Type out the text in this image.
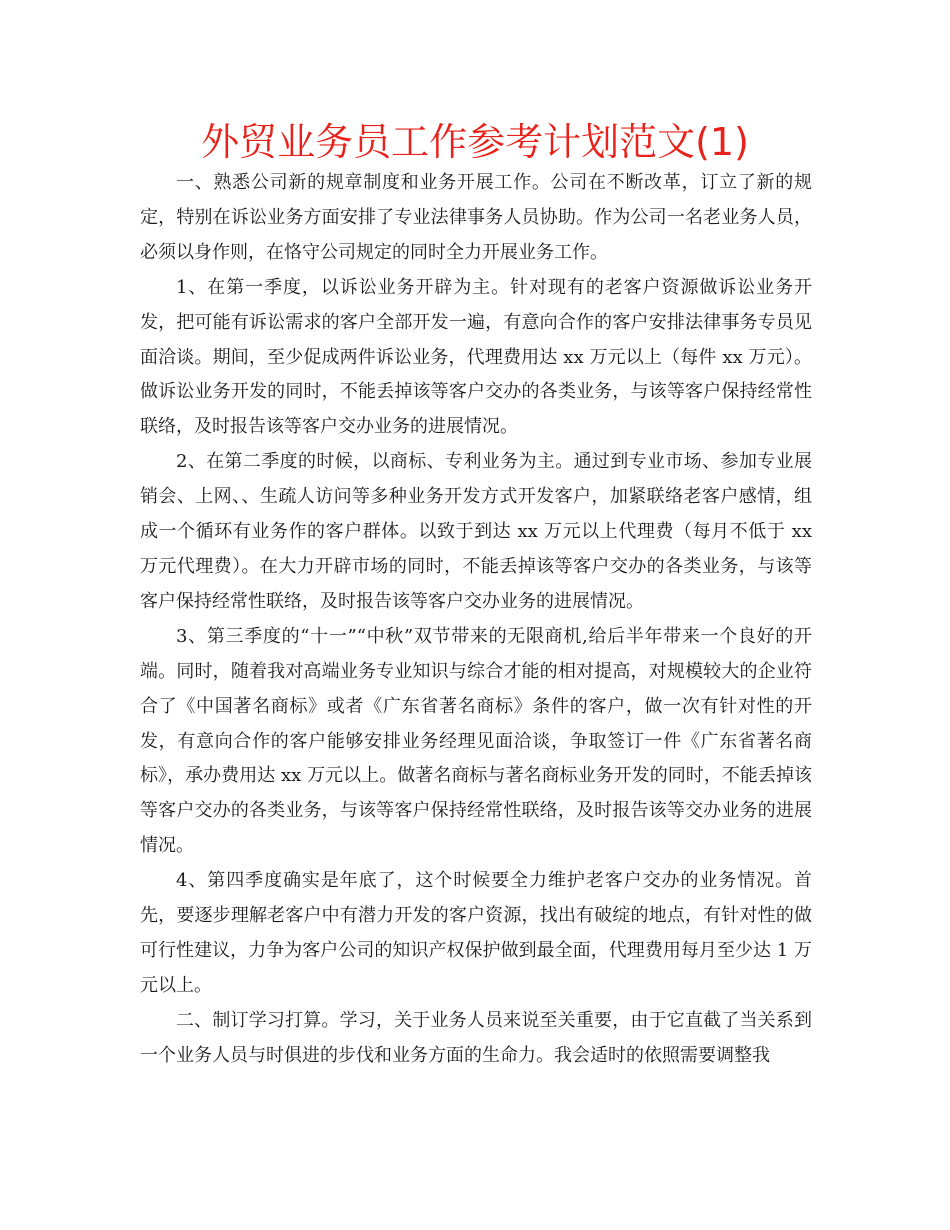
外贸业务员工作参考计划范文(1)

一、熟悉公司新的规章制度和业务开展工作。公司在不断改革，订立了新的规定，特别在诉讼业务方面安排了专业法律事务人员协助。作为公司一名老业务人员，必须以身作则，在恪守公司规定的同时全力开展业务工作。

1、在第一季度，以诉讼业务开辟为主。针对现有的老客户资源做诉讼业务开发，把可能有诉讼需求的客户全部开发一遍，有意向合作的客户安排法律事务专员见面洽谈。期间，至少促成两件诉讼业务，代理费用达 xx 万元以上（每件 xx 万元）。做诉讼业务开发的同时，不能丢掉该等客户交办的各类业务，与该等客户保持经常性联络，及时报告该等客户交办业务的进展情况。

2、在第二季度的时候，以商标、专利业务为主。通过到专业市场、参加专业展销会、上网、、生疏人访问等多种业务开发方式开发客户，加紧联络老客户感情，组成一个循环有业务作的客户群体。以致于到达 xx 万元以上代理费（每月不低于 xx 万元代理费）。在大力开辟市场的同时，不能丢掉该等客户交办的各类业务，与该等客户保持经常性联络，及时报告该等客户交办业务的进展情况。

3、第三季度的“十一”“中秋”双节带来的无限商机,给后半年带来一个良好的开端。同时，随着我对高端业务专业知识与综合才能的相对提高，对规模较大的企业符合了《中国著名商标》或者《广东省著名商标》条件的客户，做一次有针对性的开发，有意向合作的客户能够安排业务经理见面洽谈，争取签订一件《广东省著名商标》，承办费用达 xx 万元以上。做著名商标与著名商标业务开发的同时，不能丢掉该等客户交办的各类业务，与该等客户保持经常性联络，及时报告该等交办业务的进展情况。

4、第四季度确实是年底了，这个时候要全力维护老客户交办的业务情况。首先，要逐步理解老客户中有潜力开发的客户资源，找出有破绽的地点，有针对性的做可行性建议，力争为客户公司的知识产权保护做到最全面，代理费用每月至少达 1 万元以上。

二、制订学习打算。学习，关于业务人员来说至关重要，由于它直截了当关系到一个业务人员与时俱进的步伐和业务方面的生命力。我会适时的依照需要调整我
